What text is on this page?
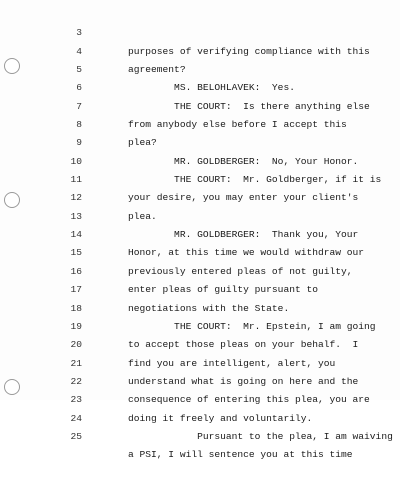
3

purposes of verifying compliance with this

4

agreement?

5

MS. BELOHLAVEK:  Yes.

6

THE COURT:  Is there anything else

7

from anybody else before I accept this

8

plea?

9

MR. GOLDBERGER:  No, Your Honor.

10

THE COURT:  Mr. Goldberger, if it is

11

your desire, you may enter your client's

12

plea.

13

MR. GOLDBERGER:  Thank you, Your

14

Honor, at this time we would withdraw our

15

previously entered pleas of not guilty,

16

enter pleas of guilty pursuant to

17

negotiations with the State.

18

THE COURT:  Mr. Epstein, I am going

19

to accept those pleas on your behalf.  I

20

find you are intelligent, alert, you

21

understand what is going on here and the

22

consequence of entering this plea, you are

23

doing it freely and voluntarily.

24

Pursuant to the plea, I am waiving

25

a PSI, I will sentence you at this time
